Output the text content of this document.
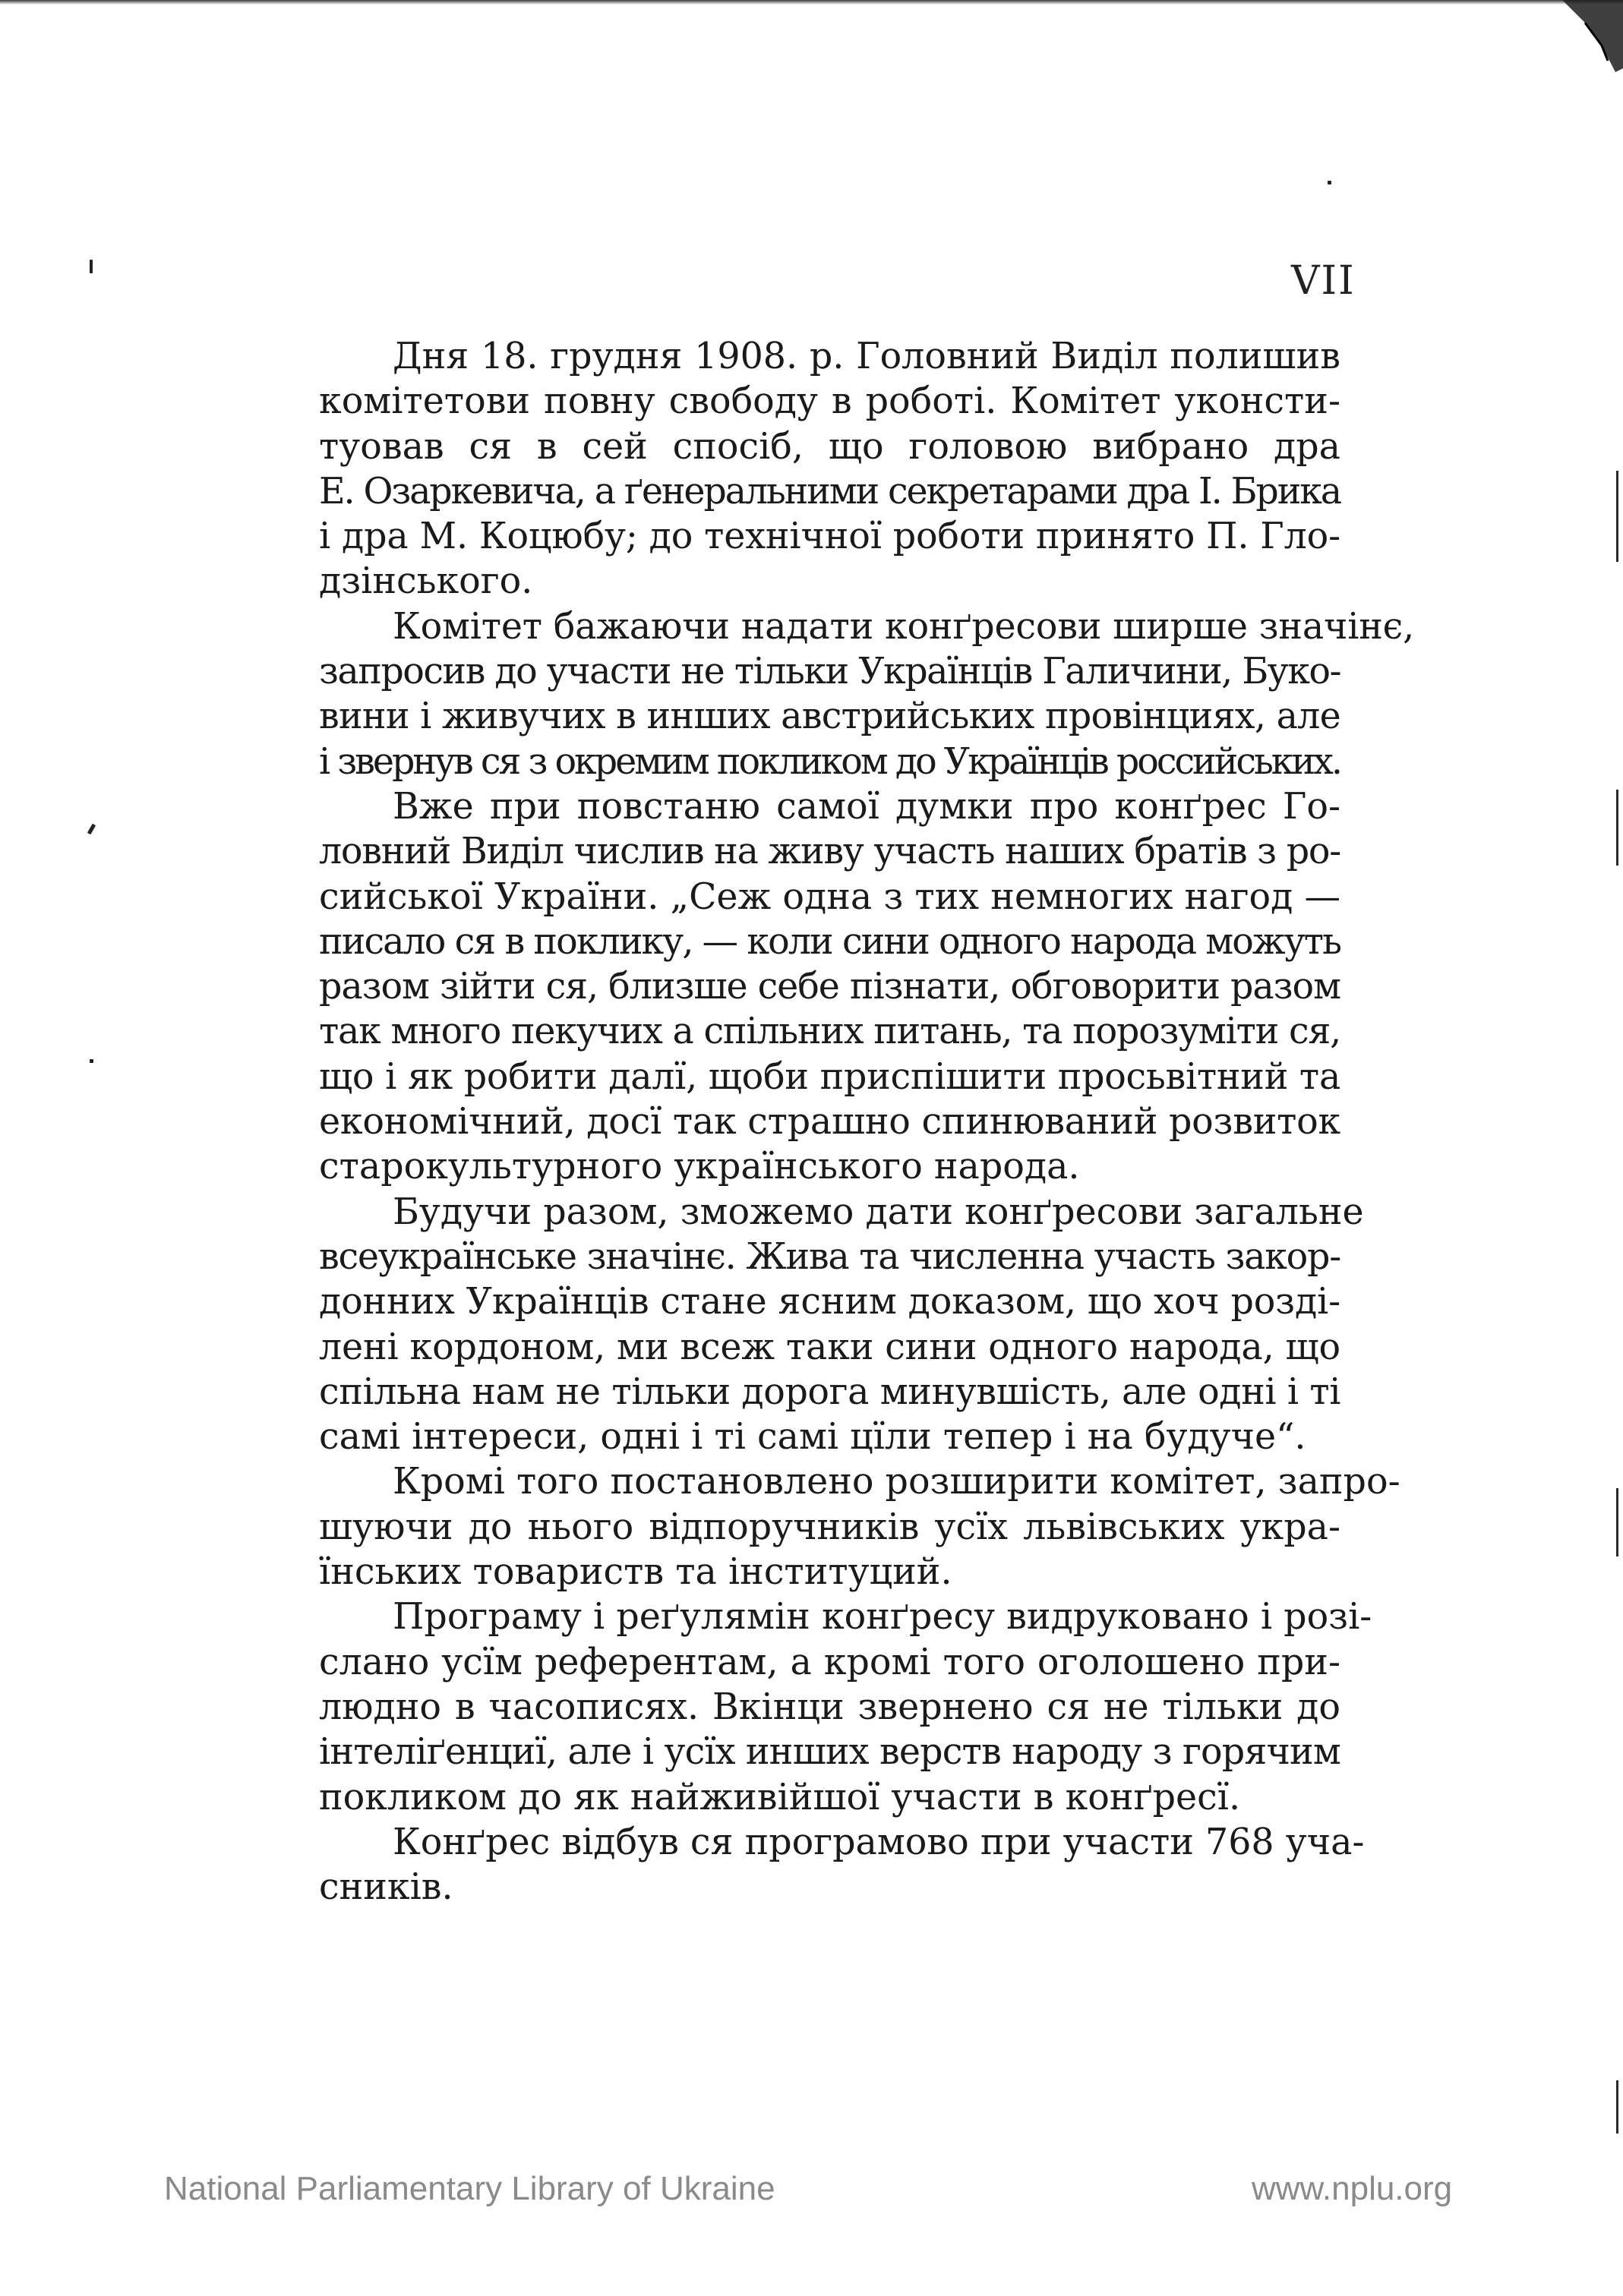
VII
Дня 18. грудня 1908. р. Головний Виділ полишив
комітетови повну свободу в роботі. Комітет уконсти-
туовав ся в сей спосіб, що головою вибрано дра
Е. Озаркевича, а ґенеральними секретарами дра І. Брика
і дра М. Коцюбу; до технічної роботи принято П. Гло-
дзінського.
Комітет бажаючи надати конґресови ширше значінє,
запросив до участи не тільки Українців Галичини, Буко-
вини і живучих в инших австрийських провінциях, але
і звернув ся з окремим покликом до Українців российських.
Вже при повстаню самої думки про конґрес Го-
ловний Виділ числив на живу участь наших братів з ро-
сийської України. „Сеж одна з тих немногих нагод —
писало ся в поклику, — коли сини одного народа можуть
разом зійти ся, близше себе пізнати, обговорити разом
так много пекучих а спільних питань, та порозуміти ся,
що і як робити далї, щоби приспішити просьвітний та
економічний, досї так страшно спинюваний розвиток
старокультурного українського народа.
Будучи разом, зможемо дати конґресови загальне
всеукраїнське значінє. Жива та численна участь закор-
донних Українців стане ясним доказом, що хоч розді-
лені кордоном, ми всеж таки сини одного народа, що
спільна нам не тільки дорога минувшість, але одні і ті
самі інтереси, одні і ті самі цїли тепер і на будуче“.
Кромі того постановлено розширити комітет, запро-
шуючи до нього відпоручників усїх львівських укра-
їнських товариств та інституций.
Програму і реґулямін конґресу видруковано і розі-
слано усїм референтам, а кромі того оголошено при-
людно в часописях. Вкінци звернено ся не тільки до
інтеліґенциї, але і усїх инших верств народу з горячим
покликом до як найживійшої участи в конґресї.
Конґрес відбув ся програмово при участи 768 уча-
сників.
National Parliamentary Library of Ukraine	www.nplu.org
